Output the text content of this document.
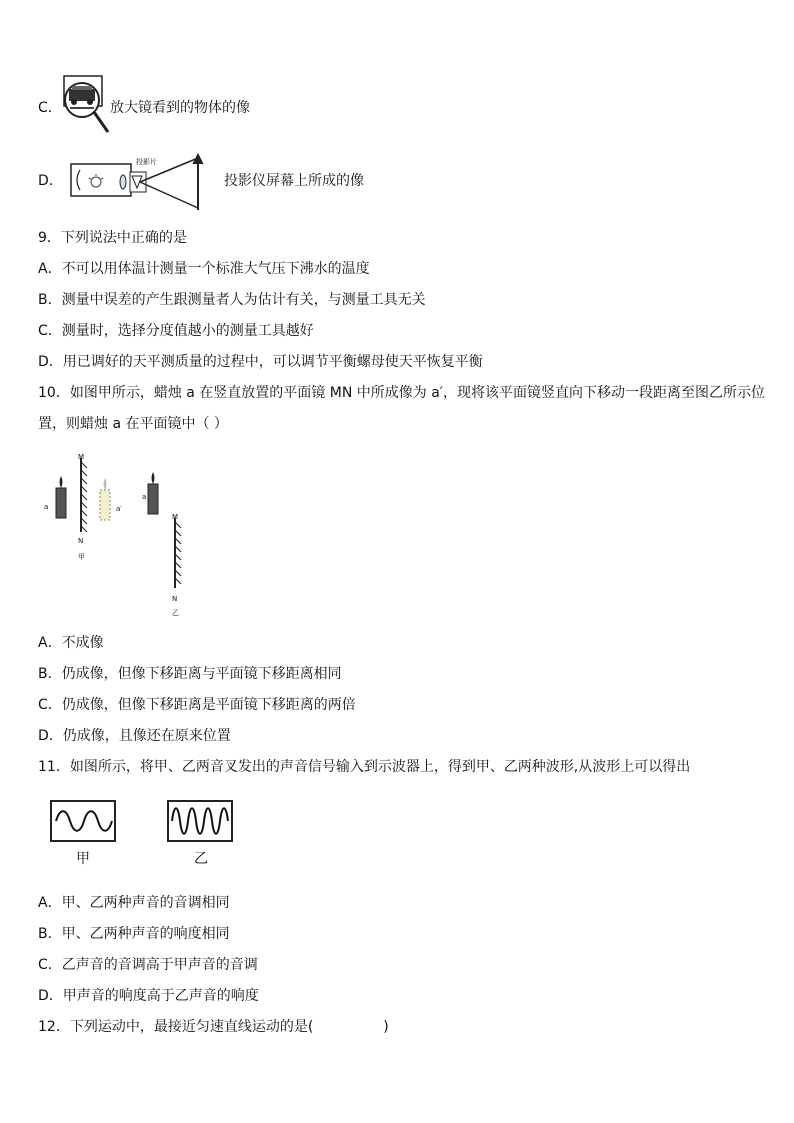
C．	放大镜看到的物体的像
D．
投影片
投影仪屏幕上所成的像
9．下列说法中正确的是
A．不可以用体温计测量一个标准大气压下沸水的温度
B．测量中误差的产生跟测量者人为估计有关，与测量工具无关
C．测量时，选择分度值越小的测量工具越好
D．用已调好的天平测质量的过程中，可以调节平衡螺母使天平恢复平衡
10．如图甲所示，蜡烛 a 在竖直放置的平面镜 MN 中所成像为 a′，现将该平面镜竖直向下移动一段距离至图乙所示位
置，则蜡烛 a 在平面镜中（ ）
a
M
a′
N
甲
a
M
N
乙
A．不成像
B．仍成像，但像下移距离与平面镜下移距离相同
C．仍成像，但像下移距离是平面镜下移距离的两倍
D．仍成像，且像还在原来位置
11．如图所示，将甲、乙两音叉发出的声音信号输入到示波器上，得到甲、乙两种波形,从波形上可以得出
甲	乙
A．甲、乙两种声音的音调相同
B．甲、乙两种声音的响度相同
C．乙声音的音调高于甲声音的音调
D．甲声音的响度高于乙声音的响度
12．下列运动中，最接近匀速直线运动的是(　　　　　)
